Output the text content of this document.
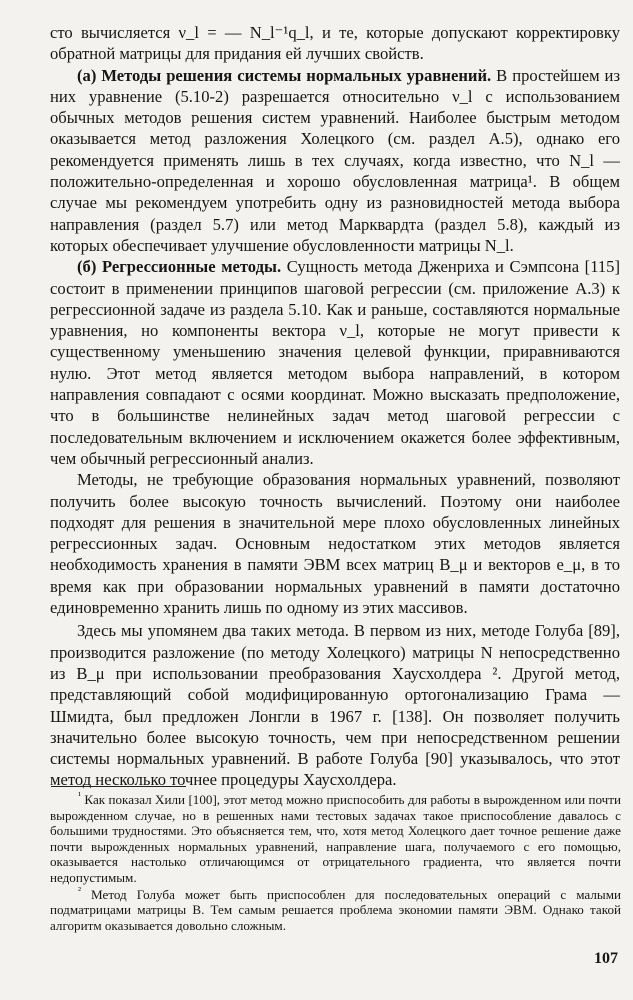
сто вычисляется ν_l = — N_l⁻¹q_l, и те, которые допускают корректировку обратной матрицы для придания ей лучших свойств.

(а) Методы решения системы нормальных уравнений. В простейшем из них уравнение (5.10-2) разрешается относительно ν_l с использованием обычных методов решения систем уравнений. Наиболее быстрым методом оказывается метод разложения Холецкого (см. раздел А.5), однако его рекомендуется применять лишь в тех случаях, когда известно, что N_l — положительно-определенная и хорошо обусловленная матрица¹. В общем случае мы рекомендуем употребить одну из разновидностей метода выбора направления (раздел 5.7) или метод Марквардта (раздел 5.8), каждый из которых обеспечивает улучшение обусловленности матрицы N_l.

(б) Регрессионные методы. Сущность метода Дженриха и Сэмпсона [115] состоит в применении принципов шаговой регрессии (см. приложение А.3) к регрессионной задаче из раздела 5.10. Как и раньше, составляются нормальные уравнения, но компоненты вектора ν_l, которые не могут привести к существенному уменьшению значения целевой функции, приравниваются нулю. Этот метод является методом выбора направлений, в котором направления совпадают с осями координат. Можно высказать предположение, что в большинстве нелинейных задач метод шаговой регрессии с последовательным включением и исключением окажется более эффективным, чем обычный регрессионный анализ.

Методы, не требующие образования нормальных уравнений, позволяют получить более высокую точность вычислений. Поэтому они наиболее подходят для решения в значительной мере плохо обусловленных линейных регрессионных задач. Основным недостатком этих методов является необходимость хранения в памяти ЭВМ всех матриц B_μ и векторов e_μ, в то время как при образовании нормальных уравнений в памяти достаточно единовременно хранить лишь по одному из этих массивов.

Здесь мы упомянем два таких метода. В первом из них, методе Голуба [89], производится разложение (по методу Холецкого) матрицы N непосредственно из B_μ при использовании преобразования Хаусхолдера ². Другой метод, представляющий собой модифицированную ортогонализацию Грама — Шмидта, был предложен Лонгли в 1967 г. [138]. Он позволяет получить значительно более высокую точность, чем при непосредственном решении системы нормальных уравнений. В работе Голуба [90] указывалось, что этот метод несколько точнее процедуры Хаусхолдера.

$^{^1}$ Как показал Хили [100], этот метод можно приспособить для работы в вырожденном или почти вырожденном случае, но в решенных нами тестовых задачах такое приспособление давалось с большими трудностями. Это объясняется тем, что, хотя метод Холецкого дает точное решение даже почти вырожденных нормальных уравнений, направление шага, получаемого с его помощью, оказывается настолько отличающимся от отрицательного градиента, что является почти недопустимым.

$^{^2}$ Метод Голуба может быть приспособлен для последовательных операций с малыми подматрицами матрицы B. Тем самым решается проблема экономии памяти ЭВМ. Однако такой алгоритм оказывается довольно сложным.

107
